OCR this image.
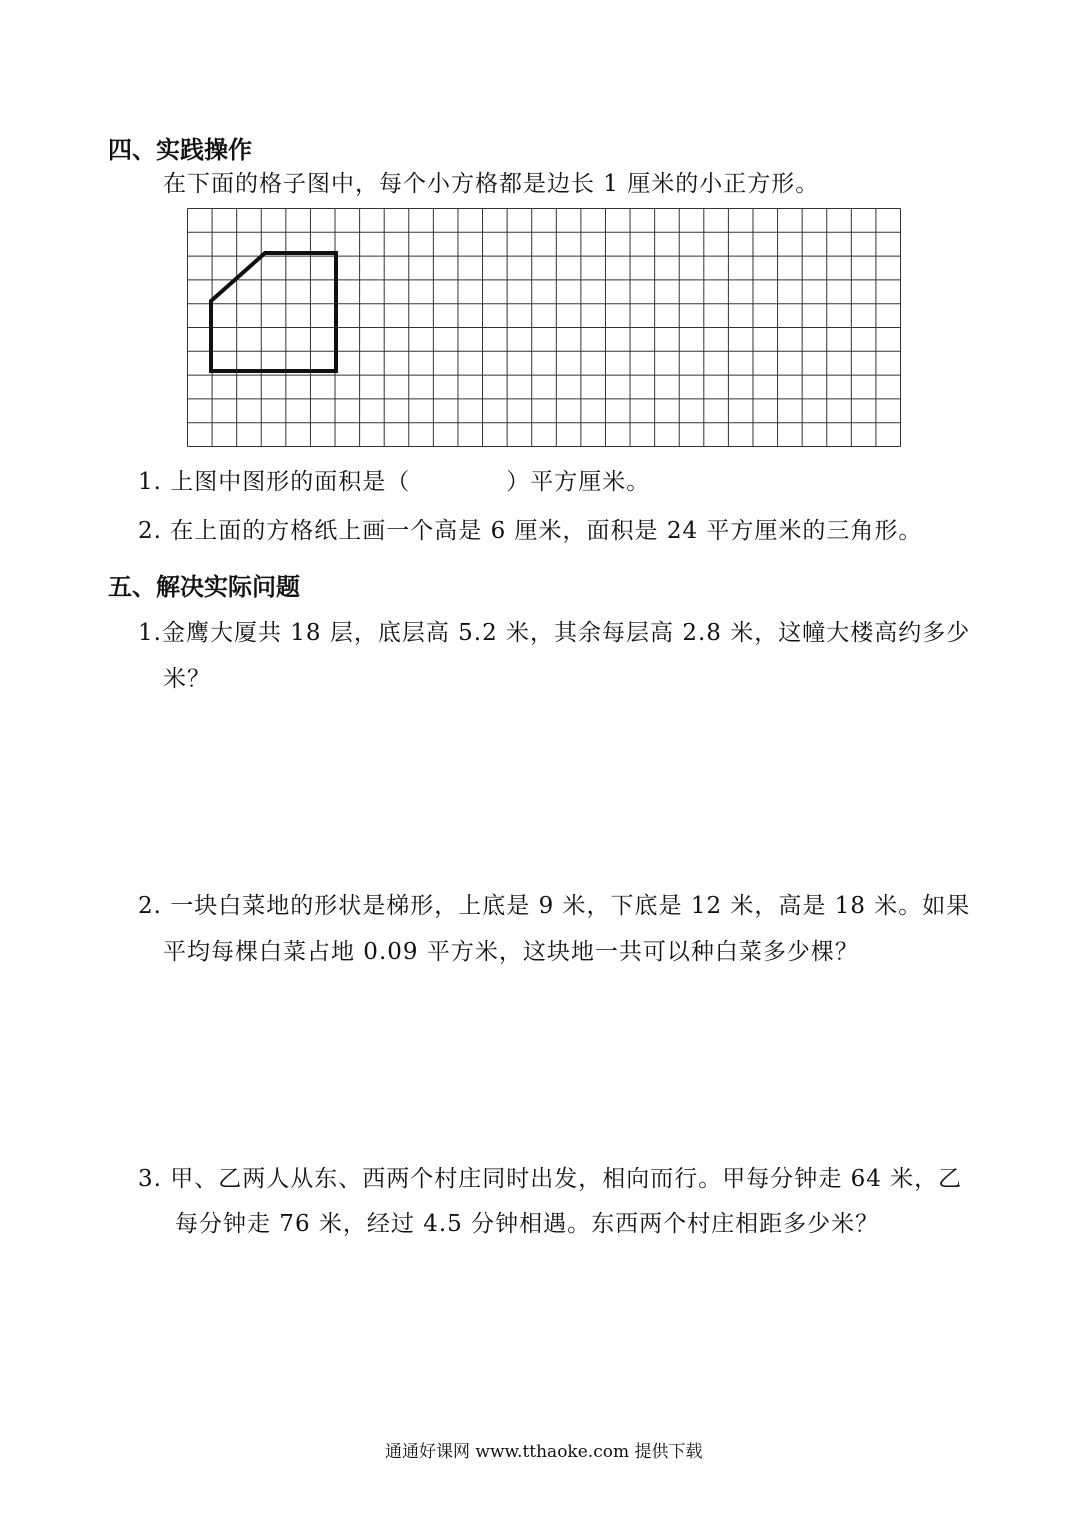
四、实践操作
在下面的格子图中，每个小方格都是边长 1 厘米的小正方形。
1. 上图中图形的面积是（　　　　）平方厘米。
2. 在上面的方格纸上画一个高是 6 厘米，面积是 24 平方厘米的三角形。
五、解决实际问题
1.金鹰大厦共 18 层，底层高 5.2 米，其余每层高 2.8 米，这幢大楼高约多少
米？
2. 一块白菜地的形状是梯形，上底是 9 米，下底是 12 米，高是 18 米。如果
平均每棵白菜占地 0.09 平方米，这块地一共可以种白菜多少棵？
3. 甲、乙两人从东、西两个村庄同时出发，相向而行。甲每分钟走 64 米，乙
每分钟走 76 米，经过 4.5 分钟相遇。东西两个村庄相距多少米？
通通好课网 www.tthaoke.com 提供下载
